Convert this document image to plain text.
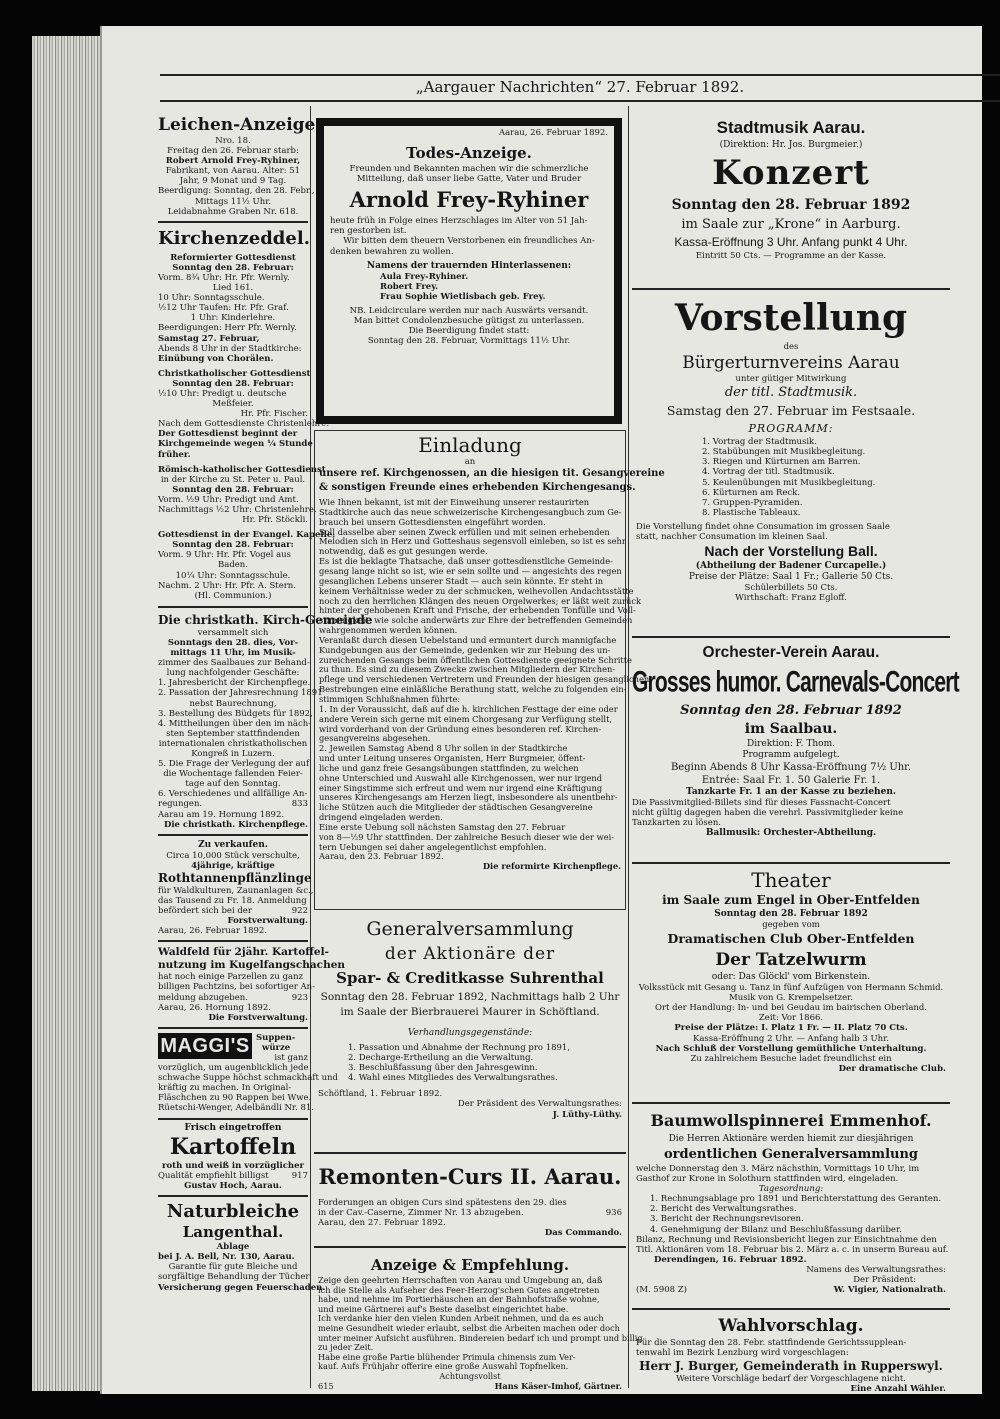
„Aargauer Nachrichten“ 27. Februar 1892.
Leichen-Anzeige.
Nro. 18.

Freitag den 26. Februar starb:

Robert Arnold Frey-Ryhiner,

Fabrikant, von Aarau. Alter: 51

Jahr, 9 Monat und 9 Tag.

Beerdigung: Sonntag, den 28. Febr.,

Mittags 11½ Uhr.

Leidabnahme Graben Nr. 618.

Kirchenzeddel.

Reformierter Gottesdienst

Sonntag den 28. Februar:

Vorm. 8¾ Uhr: Hr. Pfr. Wernly.

Lied 161.

10 Uhr: Sonntagsschule.

½12 Uhr Taufen: Hr. Pfr. Graf.

1 Uhr: Kinderlehre.

Beerdigungen: Herr Pfr. Wernly.

Samstag 27. Februar,

Abends 8 Uhr in der Stadtkirche:

Einübung von Chorälen.

Christkatholischer Gottesdienst

Sonntag den 28. Februar:

½10 Uhr: Predigt u. deutsche

Meßfeier.

Hr. Pfr. Fischer.

Nach dem Gottesdienste Christenlehre.

Der Gottesdienst beginnt der

Kirchgemeinde wegen ¼ Stunde

früher.

Römisch-katholischer Gottesdienst

in der Kirche zu St. Peter u. Paul.

Sonntag den 28. Februar:

Vorm. ½9 Uhr: Predigt und Amt.

Nachmittags ½2 Uhr: Christenlehre.

Hr. Pfr. Stöckli.

Gottesdienst in der Evangel. Kapelle.

Sonntag den 28. Februar:

Vorm. 9 Uhr: Hr. Pfr. Vogel aus

Baden.

10¼ Uhr: Sonntagsschule.

Nachm. 2 Uhr: Hr. Pfr. A. Stern.

(Hl. Communion.)

Die christkath. Kirch-Gemeinde

versammelt sich

Sonntags den 28. dies, Vor-

mittags 11 Uhr, im Musik-

zimmer des Saalbaues zur Behand-

lung nachfolgender Geschäfte:

1. Jahresbericht der Kirchenpflege.

2. Passation der Jahresrechnung 1891

nebst Baurechnung,

3. Bestellung des Büdgets für 1892,

4. Mittheilungen über den im näch-

sten September stattfindenden

internationalen christkatholischen

Kongreß in Luzern.

5. Die Frage der Verlegung der auf

die Wochentage fallenden Feier-

tage auf den Sonntag.

6. Verschiedenes und allfällige An-

regungen.	833

Aarau am 19. Hornung 1892.

Die christkath. Kirchenpflege.

Zu verkaufen.

Circa 10,000 Stück verschulte,

4jährige, kräftige

Rothtannenpflänzlinge

für Waldkulturen, Zaunanlagen &c.,

das Tausend zu Fr. 18. Anmeldung

befördert sich bei der	922

Forstverwaltung.

Aarau, 26. Februar 1892.

Waldfeld für 2jähr. Kartoffel-
nutzung im Kugelfangschachen

hat noch einige Parzellen zu ganz

billigen Pachtzins, bei sofortiger An-

meldung abzugeben.	923

Aarau, 26. Hornung 1892.

Die Forstverwaltung.

MAGGI'S Suppen-
würze

ist ganz

vorzüglich, um augenblicklich jede

schwache Suppe höchst schmackhaft und

kräftig zu machen. In Original-

Fläschchen zu 90 Rappen bei Wwe.

Rüetschi-Wenger, Adelbändli Nr. 81.

Frisch eingetroffen
Kartoffeln

roth und weiß in vorzüglicher

Qualität empfiehlt billigst	917

Gustav Hoch, Aarau.

Naturbleiche
Langenthal.

Ablage

bei J. A. Bell, Nr. 130, Aarau.

Garantie für gute Bleiche und

sorgfältige Behandlung der Tücher

Versicherung gegen Feuerschaden.

Aarau, 26. Februar 1892.
Todes-Anzeige.

Freunden und Bekannten machen wir die schmerzliche

Mitteilung, daß unser liebe Gatte, Vater und Bruder

Arnold Frey-Ryhiner

heute früh in Folge eines Herzschlages im Alter von 51 Jah-

ren gestorben ist.

Wir bitten dem theuern Verstorbenen ein freundliches An-

denken bewahren zu wollen.

Namens der trauernden Hinterlassenen:

Aula Frey-Ryhiner.

Robert Frey.

Frau Sophie Wietlisbach geb. Frey.

NB. Leidcirculare werden nur nach Auswärts versandt.

Man bittet Condolenzbesuche gütigst zu unterlassen.

Die Beerdigung findet statt:

Sonntag den 28. Februar, Vormittags 11½ Uhr.

Einladung
an
unsere ref. Kirchgenossen, an die hiesigen tit. Gesangvereine
& sonstigen Freunde eines erhebenden Kirchengesangs.

Wie Ihnen bekannt, ist mit der Einweihung unserer restaurirten

Stadtkirche auch das neue schweizerische Kirchengesangbuch zum Ge-

brauch bei unsern Gottesdiensten eingeführt worden.

Soll dasselbe aber seinen Zweck erfüllen und mit seinen erhebenden

Melodien sich in Herz und Gotteshaus segensvoll einleben, so ist es sehr

notwendig, daß es gut gesungen werde.

Es ist die beklagte Thatsache, daß unser gottesdienstliche Gemeinde-

gesang lange nicht so ist, wie er sein sollte und — angesichts des regen

gesanglichen Lebens unserer Stadt — auch sein könnte. Er steht in

keinem Verhältnisse weder zu der schmucken, weihevollen Andachtsstätte

noch zu den herrlichen Klängen des neuen Orgelwerkes; er läßt weit zurück

hinter der gehobenen Kraft und Frische, der erhebenden Tonfülle und Voll-

stimmigkeit, wie solche anderwärts zur Ehre der betreffenden Gemeinden

wahrgenommen werden können.

Veranlaßt durch diesen Uebelstand und ermuntert durch mannigfache

Kundgebungen aus der Gemeinde, gedenken wir zur Hebung des un-

zureichenden Gesangs beim öffentlichen Gottesdienste geeignete Schritte

zu thun. Es sind zu diesem Zwecke zwischen Mitgliedern der Kirchen-

pflege und verschiedenen Vertretern und Freunden der hiesigen gesanglichen

Bestrebungen eine einläßliche Berathung statt, welche zu folgenden ein-

stimmigen Schlußnahmen führte:

1. In der Voraussicht, daß auf die h. kirchlichen Festtage der eine oder

andere Verein sich gerne mit einem Chorgesang zur Verfügung stellt,

wird vorderhand von der Gründung eines besonderen ref. Kirchen-

gesangvereins abgesehen.

2. Jeweilen Samstag Abend 8 Uhr sollen in der Stadtkirche

und unter Leitung unseres Organisten, Herr Burgmeier, öffent-

liche und ganz freie Gesangsübungen stattfinden, zu welchen

ohne Unterschied und Auswahl alle Kirchgenossen, wer nur irgend

einer Singstimme sich erfreut und wem nur irgend eine Kräftigung

unseres Kirchengesangs am Herzen liegt, insbesondere als unentbehr-

liche Stützen auch die Mitglieder der städtischen Gesangvereine

dringend eingeladen werden.

Eine erste Uebung soll nächsten Samstag den 27. Februar

von 8—½9 Uhr stattfinden. Der zahlreiche Besuch dieser wie der wei-

tern Uebungen sei daher angelegentlichst empfohlen.

Aarau, den 23. Februar 1892.

Die reformirte Kirchenpflege.

Generalversammlung
der Aktionäre der
Spar- & Creditkasse Suhrenthal
Sonntag den 28. Februar 1892, Nachmittags halb 2 Uhr
im Saale der Bierbrauerei Maurer in Schöftland.
Verhandlungsgegenstände:

1. Passation und Abnahme der Rechnung pro 1891,

2. Decharge-Ertheilung an die Verwaltung.

3. Beschlußfassung über den Jahresgewinn.

4. Wahl eines Mitgliedes des Verwaltungsrathes.

Schöftland, 1. Februar 1892.

Der Präsident des Verwaltungsrathes:

J. Lüthy-Lüthy.

Remonten-Curs II. Aarau.

Forderungen an obigen Curs sind spätestens den 29. dies

in der Cav.-Caserne, Zimmer Nr. 13 abzugeben.	936

Aarau, den 27. Februar 1892.

Das Commando.

Anzeige & Empfehlung.

Zeige den geehrten Herrschaften von Aarau und Umgebung an, daß

ich die Stelle als Aufseher des Feer-Herzog'schen Gutes angetreten

habe, und nehme im Portierhäuschen an der Bahnhofstraße wohne,

und meine Gärtnerei auf's Beste daselbst eingerichtet habe.

Ich verdanke hier den vielen Kunden Arbeit nehmen, und da es auch

meine Gesundheit wieder erlaubt, selbst die Arbeiten machen oder doch

unter meiner Aufsicht ausführen. Bindereien bedarf ich und prompt und billig

zu jeder Zeit.

Habe eine große Partie blühender Primula chinensis zum Ver-

kauf. Aufs Frühjahr offerire eine große Auswahl Topfnelken.

Achtungsvollst

615	Hans Käser-Imhof, Gärtner.

Stadtmusik Aarau.
(Direktion: Hr. Jos. Burgmeier.)
Konzert
Sonntag den 28. Februar 1892
im Saale zur „Krone“ in Aarburg.
Kassa-Eröffnung 3 Uhr. Anfang punkt 4 Uhr.
Eintritt 50 Cts. — Programme an der Kasse.
Vorstellung
des
Bürgerturnvereins Aarau
unter gütiger Mitwirkung
der titl. Stadtmusik.
Samstag den 27. Februar im Festsaale.
PROGRAMM:

1. Vortrag der Stadtmusik.

2. Stabübungen mit Musikbegleitung.

3. Riegen und Kürturnen am Barren.

4. Vortrag der titl. Stadtmusik.

5. Keulenübungen mit Musikbegleitung.

6. Kürturnen am Reck.

7. Gruppen-Pyramiden.

8. Plastische Tableaux.

Die Vorstellung findet ohne Consumation im grossen Saale

statt, nachher Consumation im kleinen Saal.

Nach der Vorstellung Ball.
(Abtheilung der Badener Curcapelle.)
Preise der Plätze: Saal 1 Fr.; Gallerie 50 Cts.
Schülerbillets 50 Cts.
Wirthschaft: Franz Egloff.
Orchester-Verein Aarau.
Grosses humor. Carnevals-Concert
Sonntag den 28. Februar 1892
im Saalbau.
Direktion: F. Thom.
Programm aufgelegt.
Beginn Abends 8 Uhr Kassa-Eröffnung 7½ Uhr.
Entrée: Saal Fr. 1. 50 Galerie Fr. 1.
Tanzkarte Fr. 1 an der Kasse zu beziehen.

Die Passivmitglied-Billets sind für dieses Fassnacht-Concert

nicht gültig dagegen haben die verehrl. Passivmitglieder keine

Tanzkarten zu lösen.

Ballmusik: Orchester-Abtheilung.
Theater
im Saale zum Engel in Ober-Entfelden
Sonntag den 28. Februar 1892
gegeben vom
Dramatischen Club Ober-Entfelden
Der Tatzelwurm
oder: Das Glöckl' vom Birkenstein.

Volksstück mit Gesang u. Tanz in fünf Aufzügen von Hermann Schmid.

Musik von G. Krempelsetzer.

Ort der Handlung: In- und bei Geudau im bairischen Oberland.

Zeit: Vor 1866.

Preise der Plätze: I. Platz 1 Fr. — II. Platz 70 Cts.

Kassa-Eröffnung 2 Uhr. — Anfang halb 3 Uhr.

Nach Schluß der Vorstellung gemüthliche Unterhaltung.

Zu zahlreichem Besuche ladet freundlichst ein

Der dramatische Club.

Baumwollspinnerei Emmenhof.
Die Herren Aktionäre werden hiemit zur diesjährigen
ordentlichen Generalversammlung

welche Donnerstag den 3. März nächsthin, Vormittags 10 Uhr, im

Gasthof zur Krone in Solothurn stattfinden wird, eingeladen.

Tagesordnung:

1. Rechnungsablage pro 1891 und Berichterstattung des Geranten.

2. Bericht des Verwaltungsrathes.

3. Bericht der Rechnungsrevisoren.

4. Genehmigung der Bilanz und Beschlußfassung darüber.

Bilanz, Rechnung und Revisionsbericht liegen zur Einsichtnahme den

Titl. Aktionären vom 18. Februar bis 2. März a. c. in unserm Bureau auf.

Derendingen, 16. Februar 1892.

Namens des Verwaltungsrathes:

Der Präsident:

(M. 5908 Z)	W. Vigier, Nationalrath.

Wahlvorschlag.

Für die Sonntag den 28. Febr. stattfindende Gerichtssupplean-

tenwahl im Bezirk Lenzburg wird vorgeschlagen:

Herr J. Burger, Gemeinderath in Rupperswyl.
Weitere Vorschläge bedarf der Vorgeschlagene nicht.
Eine Anzahl Wähler.
